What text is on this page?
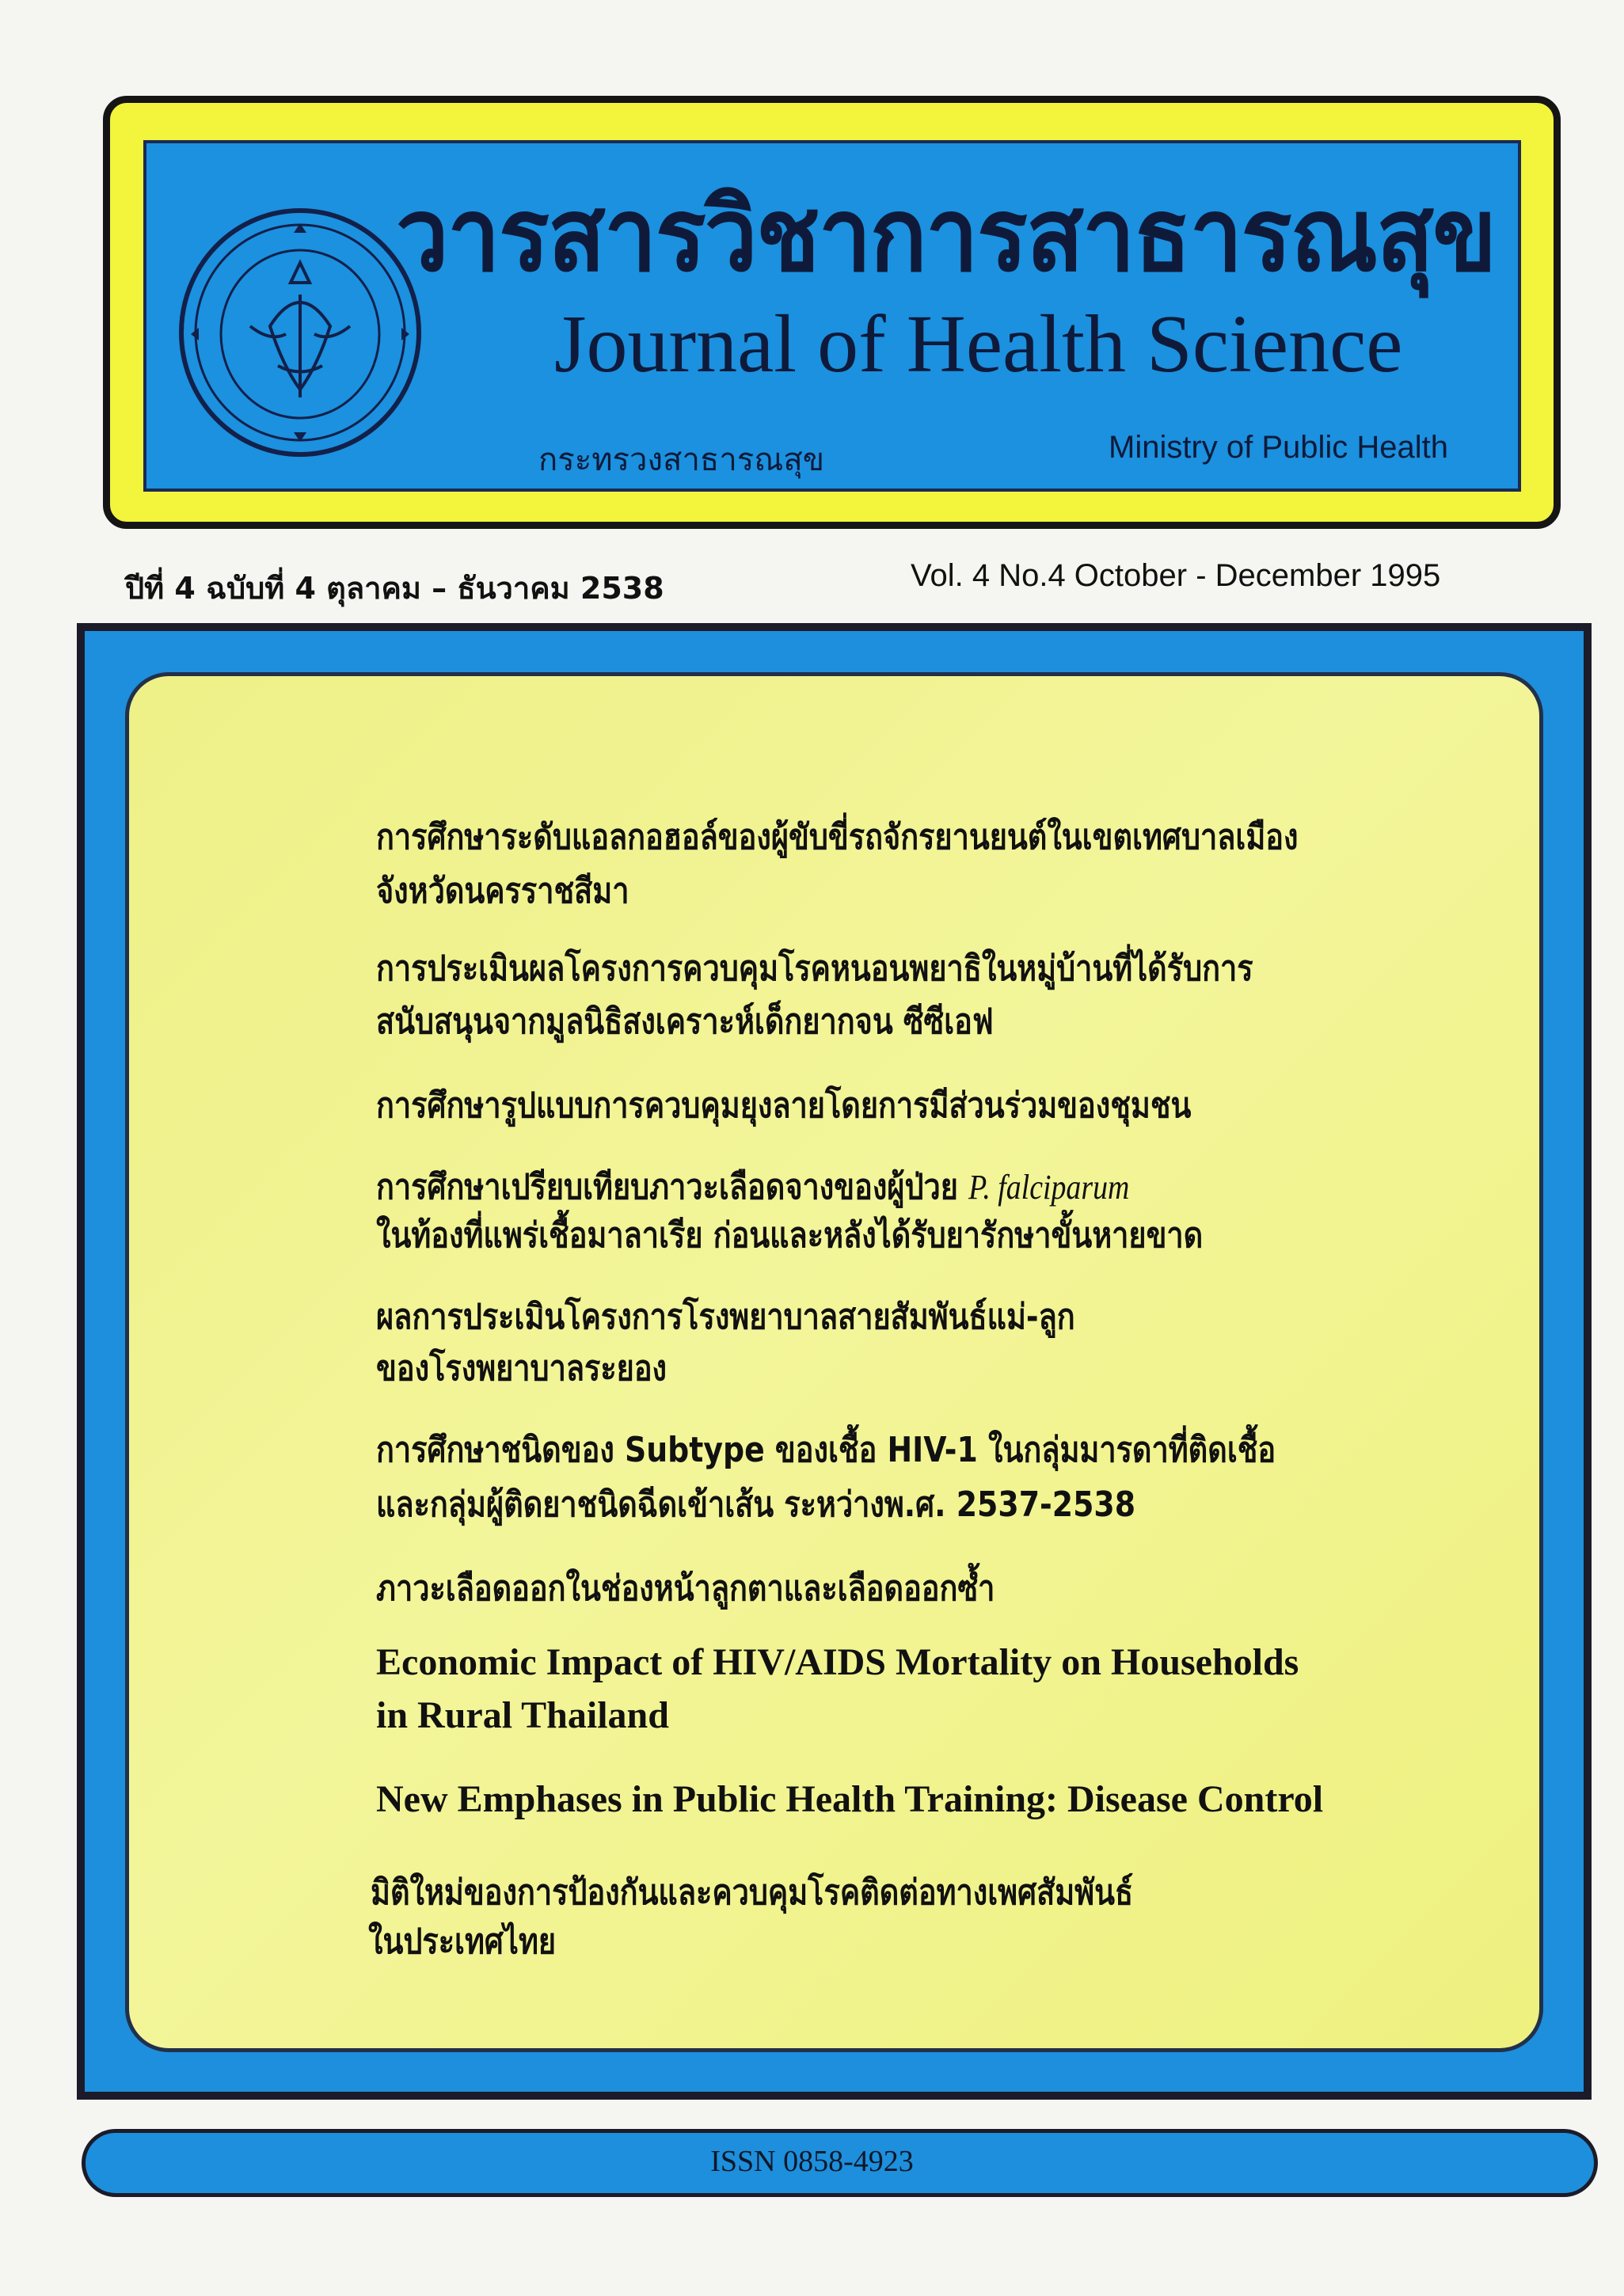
วารสารวิชาการสาธารณสุข
Journal of Health Science
กระทรวงสาธารณสุข	Ministry of Public Health
ปีที่ 4 ฉบับที่ 4 ตุลาคม – ธันวาคม 2538	Vol. 4 No.4 October - December 1995
การศึกษาระดับแอลกอฮอล์ของผู้ขับขี่รถจักรยานยนต์ในเขตเทศบาลเมือง
จังหวัดนครราชสีมา
การประเมินผลโครงการควบคุมโรคหนอนพยาธิในหมู่บ้านที่ได้รับการ
สนับสนุนจากมูลนิธิสงเคราะห์เด็กยากจน ซีซีเอฟ
การศึกษารูปแบบการควบคุมยุงลายโดยการมีส่วนร่วมของชุมชน
การศึกษาเปรียบเทียบภาวะเลือดจางของผู้ป่วย P. falciparum
ในท้องที่แพร่เชื้อมาลาเรีย ก่อนและหลังได้รับยารักษาขั้นหายขาด
ผลการประเมินโครงการโรงพยาบาลสายสัมพันธ์แม่-ลูก
ของโรงพยาบาลระยอง
การศึกษาชนิดของ Subtype ของเชื้อ HIV-1 ในกลุ่มมารดาที่ติดเชื้อ
และกลุ่มผู้ติดยาชนิดฉีดเข้าเส้น ระหว่างพ.ศ. 2537-2538
ภาวะเลือดออกในช่องหน้าลูกตาและเลือดออกซ้ำ
Economic Impact of HIV/AIDS Mortality on Households
in Rural Thailand
New Emphases in Public Health Training: Disease Control
มิติใหม่ของการป้องกันและควบคุมโรคติดต่อทางเพศสัมพันธ์
ในประเทศไทย
ISSN 0858-4923
